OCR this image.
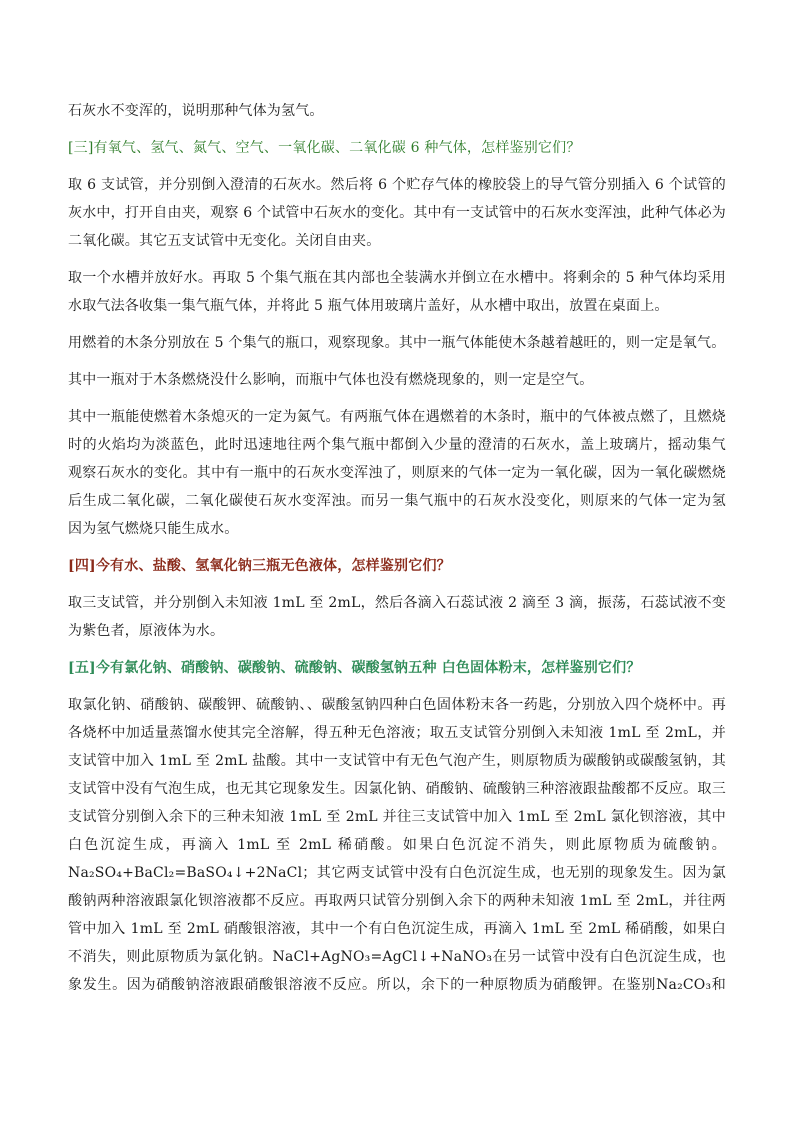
石灰水不变浑的，说明那种气体为氢气。
[三]有氧气、氢气、氮气、空气、一氧化碳、二氧化碳 6 种气体，怎样鉴别它们？
取 6 支试管，并分别倒入澄清的石灰水。然后将 6 个贮存气体的橡胶袋上的导气管分别插入 6 个试管的
灰水中，打开自由夹，观察 6 个试管中石灰水的变化。其中有一支试管中的石灰水变浑浊，此种气体必为
二氧化碳。其它五支试管中无变化。关闭自由夹。
取一个水槽并放好水。再取 5 个集气瓶在其内部也全装满水并倒立在水槽中。将剩余的 5 种气体均采用
水取气法各收集一集气瓶气体，并将此 5 瓶气体用玻璃片盖好，从水槽中取出，放置在桌面上。
用燃着的木条分别放在 5 个集气的瓶口，观察现象。其中一瓶气体能使木条越着越旺的，则一定是氧气。
其中一瓶对于木条燃烧没什么影响，而瓶中气体也没有燃烧现象的，则一定是空气。
其中一瓶能使燃着木条熄灭的一定为氮气。有两瓶气体在遇燃着的木条时，瓶中的气体被点燃了，且燃烧
时的火焰均为淡蓝色，此时迅速地往两个集气瓶中都倒入少量的澄清的石灰水，盖上玻璃片，摇动集气
观察石灰水的变化。其中有一瓶中的石灰水变浑浊了，则原来的气体一定为一氧化碳，因为一氧化碳燃烧
后生成二氧化碳，二氧化碳使石灰水变浑浊。而另一集气瓶中的石灰水没变化，则原来的气体一定为氢
因为氢气燃烧只能生成水。
[四]今有水、盐酸、氢氧化钠三瓶无色液体，怎样鉴别它们？
取三支试管，并分别倒入未知液 1mL 至 2mL，然后各滴入石蕊试液 2 滴至 3 滴，振荡，石蕊试液不变
为紫色者，原液体为水。
[五]今有氯化钠、硝酸钠、碳酸钠、硫酸钠、碳酸氢钠五种 白色固体粉末，怎样鉴别它们？
取氯化钠、硝酸钠、碳酸钾、硫酸钠、、碳酸氢钠四种白色固体粉末各一药匙，分别放入四个烧杯中。再
各烧杯中加适量蒸馏水使其完全溶解，得五种无色溶液；取五支试管分别倒入未知液 1mL 至 2mL，并
支试管中加入 1mL 至 2mL 盐酸。其中一支试管中有无色气泡产生，则原物质为碳酸钠或碳酸氢钠，其
支试管中没有气泡生成，也无其它现象发生。因氯化钠、硝酸钠、硫酸钠三种溶液跟盐酸都不反应。取三
支试管分别倒入余下的三种未知液 1mL 至 2mL 并往三支试管中加入 1mL 至 2mL 氯化钡溶液，其中
白色沉淀生成，再滴入 1mL 至 2mL 稀硝酸。如果白色沉淀不消失，则此原物质为硫酸钠。
Na₂SO₄+BaCl₂=BaSO₄↓+2NaCl；其它两支试管中没有白色沉淀生成，也无别的现象发生。因为氯
酸钠两种溶液跟氯化钡溶液都不反应。再取两只试管分别倒入余下的两种未知液 1mL 至 2mL，并往两
管中加入 1mL 至 2mL 硝酸银溶液，其中一个有白色沉淀生成，再滴入 1mL 至 2mL 稀硝酸，如果白
不消失，则此原物质为氯化钠。NaCl+AgNO₃=AgCl↓+NaNO₃在另一试管中没有白色沉淀生成，也
象发生。因为硝酸钠溶液跟硝酸银溶液不反应。所以，余下的一种原物质为硝酸钾。在鉴别Na₂CO₃和
